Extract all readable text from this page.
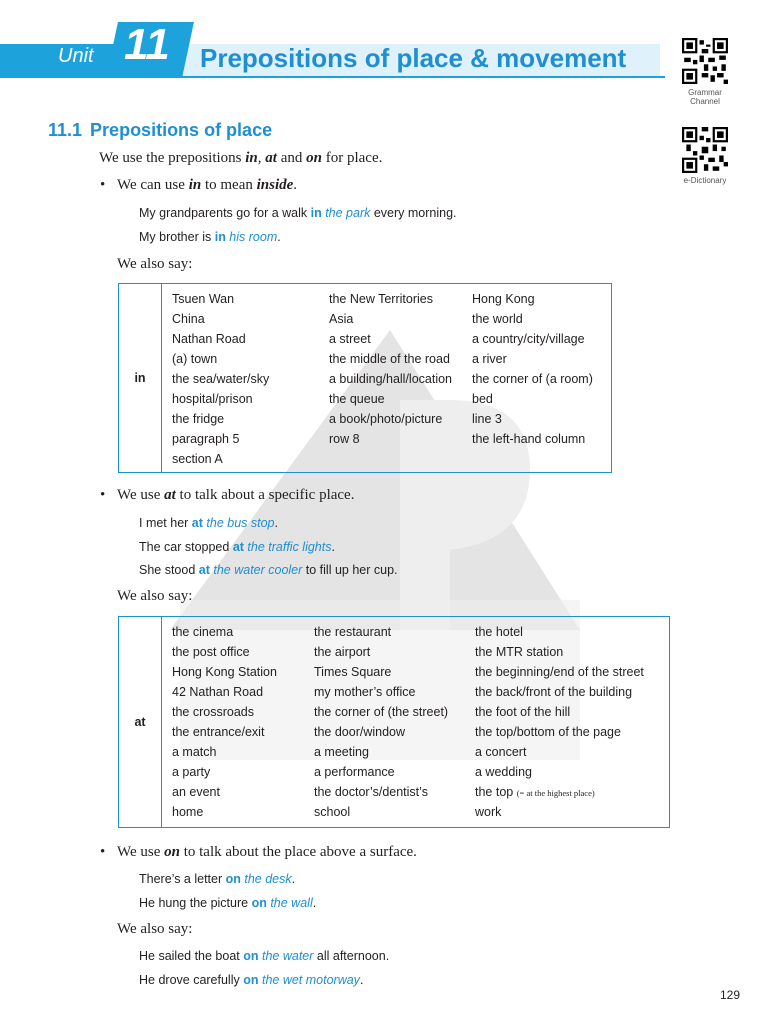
Unit 11 Prepositions of place & movement
Grammar
Channel
e-Dictionary
11.1 Prepositions of place
We use the prepositions in, at and on for place.
• We can use in to mean inside.
My grandparents go for a walk in the park every morning.
My brother is in his room.
We also say:
in
Tsuen Wan
China
Nathan Road
(a) town
the sea/water/sky
hospital/prison
the fridge
paragraph 5
section A
the New Territories
Asia
a street
the middle of the road
a building/hall/location
the queue
a book/photo/picture
row 8
Hong Kong
the world
a country/city/village
a river
the corner of (a room)
bed
line 3
the left-hand column
• We use at to talk about a specific place.
I met her at the bus stop.
The car stopped at the traffic lights.
She stood at the water cooler to fill up her cup.
We also say:
at
the cinema
the post office
Hong Kong Station
42 Nathan Road
the crossroads
the entrance/exit
a match
a party
an event
home
the restaurant
the airport
Times Square
my mother’s office
the corner of (the street)
the door/window
a meeting
a performance
the doctor’s/dentist’s
school
the hotel
the MTR station
the beginning/end of the street
the back/front of the building
the foot of the hill
the top/bottom of the page
a concert
a wedding
the top (= at the highest place)
work
• We use on to talk about the place above a surface.
There’s a letter on the desk.
He hung the picture on the wall.
We also say:
He sailed the boat on the water all afternoon.
He drove carefully on the wet motorway.
129
